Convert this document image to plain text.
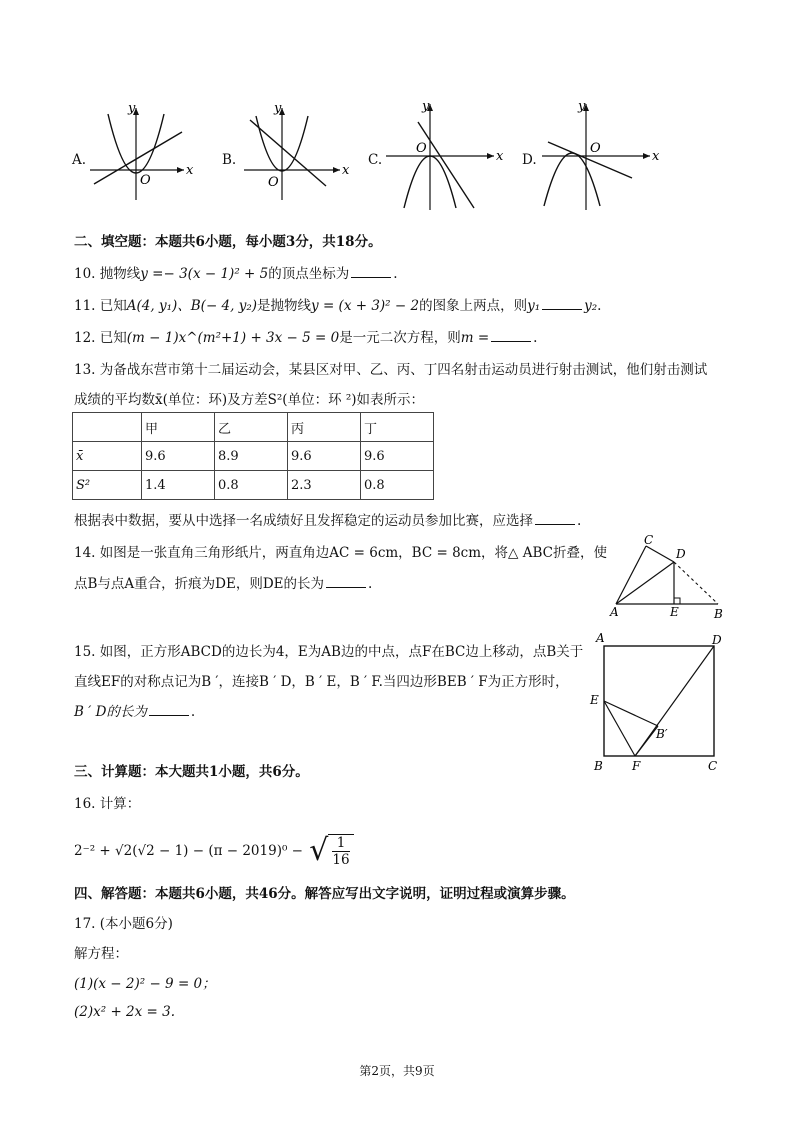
A.
y
x
O
B.
y
x
O
C.
y
x
O
D.
y
x
O
二、填空题：本题共6小题，每小题3分，共18分。
10. 抛物线y =− 3(x − 1)² + 5的顶点坐标为	.
11. 已知A(4, y₁)、B(− 4, y₂)是抛物线y = (x + 3)² − 2的图象上两点，则y₁	y₂.
12. 已知(m − 1)x^(m²+1) + 3x − 5 = 0是一元二次方程，则m =	.
13. 为备战东营市第十二届运动会，某县区对甲、乙、丙、丁四名射击运动员进行射击测试，他们射击测试
成绩的平均数x̄(单位：环)及方差S²(单位：环 ²)如表所示：
	甲	乙	丙	丁
x̄	9.6	8.9	9.6	9.6
S²	1.4	0.8	2.3	0.8
根据表中数据，要从中选择一名成绩好且发挥稳定的运动员参加比赛，应选择	.
14. 如图是一张直角三角形纸片，两直角边AC = 6cm，BC = 8cm，将△ ABC折叠，使
点B与点A重合，折痕为DE，则DE的长为	.
C
D
A	E	B
15. 如图，正方形ABCD的边长为4，E为AB边的中点，点F在BC边上移动，点B关于
直线EF的对称点记为B ′，连接B ′ D，B ′ E，B ′ F.当四边形BEB ′ F为正方形时，
B ′ D的长为	.
A	D
E
B′
B F	C
三、计算题：本大题共1小题，共6分。
16. 计算：
2⁻² + √2(√2 − 1) − (π − 2019)⁰ − √ $\frac{1}{16}$
四、解答题：本题共6小题，共46分。解答应写出文字说明，证明过程或演算步骤。
17. (本小题6分)
解方程：
(1)(x − 2)² − 9 = 0；
(2)x² + 2x = 3.
第2页，共9页
